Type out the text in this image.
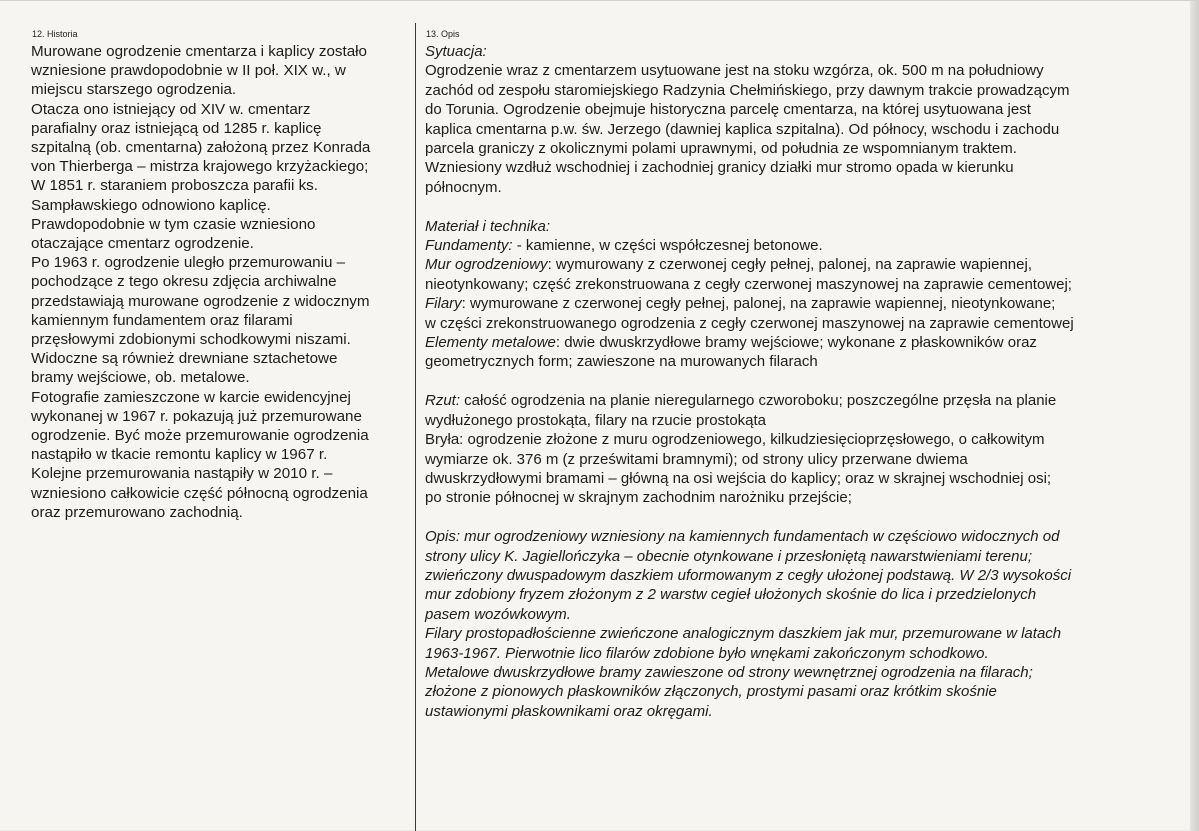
12. Historia

Murowane ogrodzenie cmentarza i kaplicy zostało

wzniesione prawdopodobnie w II poł. XIX w., w

miejscu starszego ogrodzenia.

Otacza ono istniejący od XIV w. cmentarz

parafialny oraz istniejącą od 1285 r. kaplicę

szpitalną (ob. cmentarna) założoną przez Konrada

von Thierberga – mistrza krajowego krzyżackiego;

W 1851 r. staraniem proboszcza parafii ks.

Sampławskiego odnowiono kaplicę.

Prawdopodobnie w tym czasie wzniesiono

otaczające cmentarz ogrodzenie.

Po 1963 r. ogrodzenie uległo przemurowaniu –

pochodzące z tego okresu zdjęcia archiwalne

przedstawiają murowane ogrodzenie z widocznym

kamiennym fundamentem oraz filarami

przęsłowymi zdobionymi schodkowymi niszami.

Widoczne są również drewniane sztachetowe

bramy wejściowe, ob. metalowe.

Fotografie zamieszczone w karcie ewidencyjnej

wykonanej w 1967 r. pokazują już przemurowane

ogrodzenie. Być może przemurowanie ogrodzenia

nastąpiło w tkacie remontu kaplicy w 1967 r.

Kolejne przemurowania nastąpiły w 2010 r. –

wzniesiono całkowicie część północną ogrodzenia

oraz przemurowano zachodnią.

13. Opis

Sytuacja:

Ogrodzenie wraz z cmentarzem usytuowane jest na stoku wzgórza, ok. 500 m na południowy

zachód od zespołu staromiejskiego Radzynia Chełmińskiego, przy dawnym trakcie prowadzącym

do Torunia. Ogrodzenie obejmuje historyczna parcelę cmentarza, na której usytuowana jest

kaplica cmentarna p.w. św. Jerzego (dawniej kaplica szpitalna). Od północy, wschodu i zachodu

parcela graniczy z okolicznymi polami uprawnymi, od południa ze wspomnianym traktem.

Wzniesiony wzdłuż wschodniej i zachodniej granicy działki mur stromo opada w kierunku

północnym.

Materiał i technika:

Fundamenty: - kamienne, w części współczesnej betonowe.

Mur ogrodzeniowy: wymurowany z czerwonej cegły pełnej, palonej, na zaprawie wapiennej,

nieotynkowany; część zrekonstruowana z cegły czerwonej maszynowej na zaprawie cementowej;

Filary: wymurowane z czerwonej cegły pełnej, palonej, na zaprawie wapiennej, nieotynkowane;

w części zrekonstruowanego ogrodzenia z cegły czerwonej maszynowej na zaprawie cementowej

Elementy metalowe: dwie dwuskrzydłowe bramy wejściowe; wykonane z płaskowników oraz

geometrycznych form; zawieszone na murowanych filarach

Rzut: całość ogrodzenia na planie nieregularnego czworoboku; poszczególne przęsła na planie

wydłużonego prostokąta, filary na rzucie prostokąta

Bryła: ogrodzenie złożone z muru ogrodzeniowego, kilkudziesięcioprzęsłowego, o całkowitym

wymiarze ok. 376 m (z prześwitami bramnymi); od strony ulicy przerwane dwiema

dwuskrzydłowymi bramami – główną na osi wejścia do kaplicy; oraz w skrajnej wschodniej osi;

po stronie północnej w skrajnym zachodnim narożniku przejście;

Opis: mur ogrodzeniowy wzniesiony na kamiennych fundamentach w częściowo widocznych od

strony ulicy K. Jagiellończyka – obecnie otynkowane i przesłoniętą nawarstwieniami terenu;

zwieńczony dwuspadowym daszkiem uformowanym z cegły ułożonej podstawą. W 2/3 wysokości

mur zdobiony fryzem złożonym z 2 warstw cegieł ułożonych skośnie do lica i przedzielonych

pasem wozówkowym.

Filary prostopadłościenne zwieńczone analogicznym daszkiem jak mur, przemurowane w latach

1963-1967. Pierwotnie lico filarów zdobione było wnękami zakończonym schodkowo.

Metalowe dwuskrzydłowe bramy zawieszone od strony wewnętrznej ogrodzenia na filarach;

złożone z pionowych płaskowników złączonych, prostymi pasami oraz krótkim skośnie

ustawionymi płaskownikami oraz okręgami.
